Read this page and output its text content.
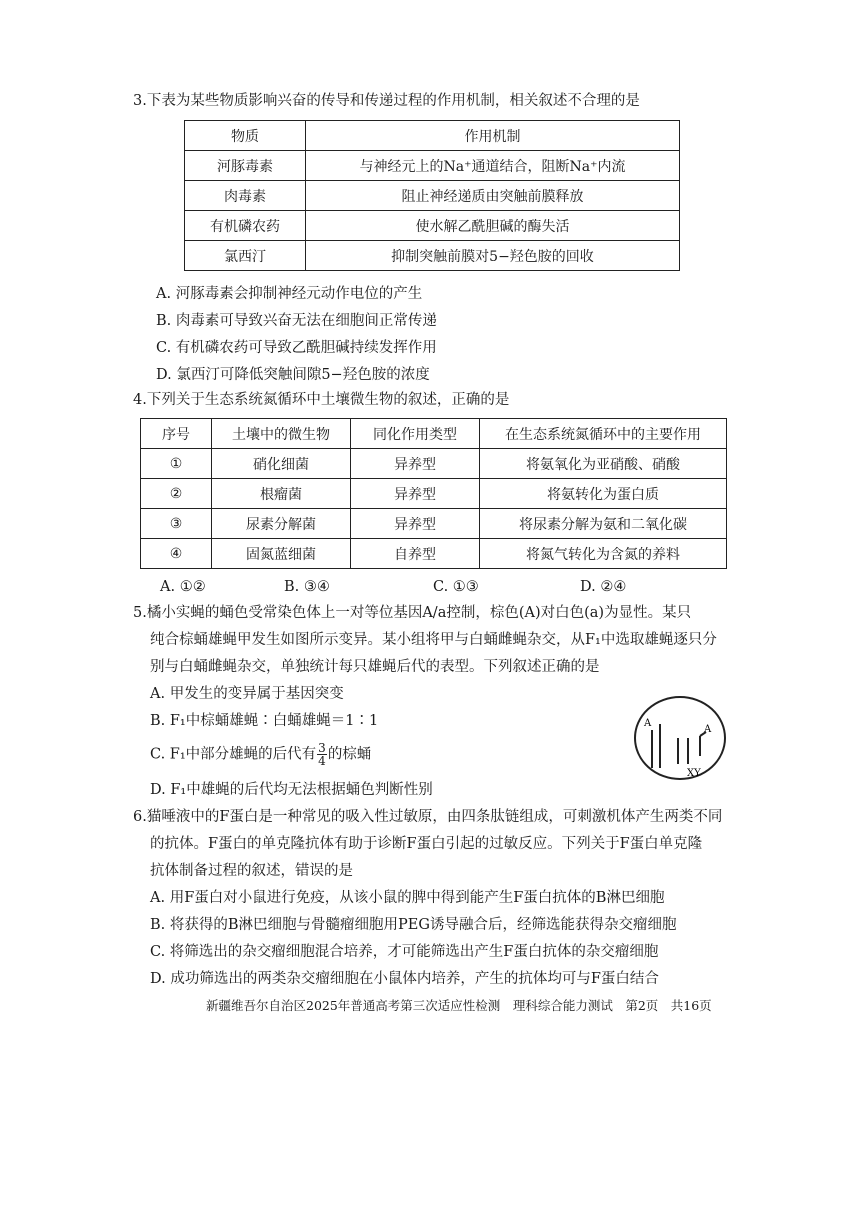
3.下表为某些物质影响兴奋的传导和传递过程的作用机制，相关叙述不合理的是
物质	作用机制
河豚毒素	与神经元上的Na⁺通道结合，阻断Na⁺内流
肉毒素	阻止神经递质由突触前膜释放
有机磷农药	使水解乙酰胆碱的酶失活
氯西汀	抑制突触前膜对5−羟色胺的回收
A. 河豚毒素会抑制神经元动作电位的产生
B. 肉毒素可导致兴奋无法在细胞间正常传递
C. 有机磷农药可导致乙酰胆碱持续发挥作用
D. 氯西汀可降低突触间隙5−羟色胺的浓度
4.下列关于生态系统氮循环中土壤微生物的叙述，正确的是
序号	土壤中的微生物	同化作用类型	在生态系统氮循环中的主要作用
①	硝化细菌	异养型	将氨氧化为亚硝酸、硝酸
②	根瘤菌	异养型	将氨转化为蛋白质
③	尿素分解菌	异养型	将尿素分解为氨和二氧化碳
④	固氮蓝细菌	自养型	将氮气转化为含氮的养料
A. ①②	B. ③④	C. ①③	D. ②④
5.橘小实蝇的蛹色受常染色体上一对等位基因A/a控制，棕色(A)对白色(a)为显性。某只
纯合棕蛹雄蝇甲发生如图所示变异。某小组将甲与白蛹雌蝇杂交，从F₁中选取雄蝇逐只分
别与白蛹雌蝇杂交，单独统计每只雄蝇后代的表型。下列叙述正确的是
A. 甲发生的变异属于基因突变
B. F₁中棕蛹雄蝇∶白蛹雄蝇＝1∶1
C. F₁中部分雄蝇的后代有 $\frac{3}{4}$ 的棕蛹
D. F₁中雄蝇的后代均无法根据蛹色判断性别
A
A
XY
6.猫唾液中的F蛋白是一种常见的吸入性过敏原，由四条肽链组成，可刺激机体产生两类不同
的抗体。F蛋白的单克隆抗体有助于诊断F蛋白引起的过敏反应。下列关于F蛋白单克隆
抗体制备过程的叙述，错误的是
A. 用F蛋白对小鼠进行免疫，从该小鼠的脾中得到能产生F蛋白抗体的B淋巴细胞
B. 将获得的B淋巴细胞与骨髓瘤细胞用PEG诱导融合后，经筛选能获得杂交瘤细胞
C. 将筛选出的杂交瘤细胞混合培养，才可能筛选出产生F蛋白抗体的杂交瘤细胞
D. 成功筛选出的两类杂交瘤细胞在小鼠体内培养，产生的抗体均可与F蛋白结合
新疆维吾尔自治区2025年普通高考第三次适应性检测　理科综合能力测试　第2页　共16页
